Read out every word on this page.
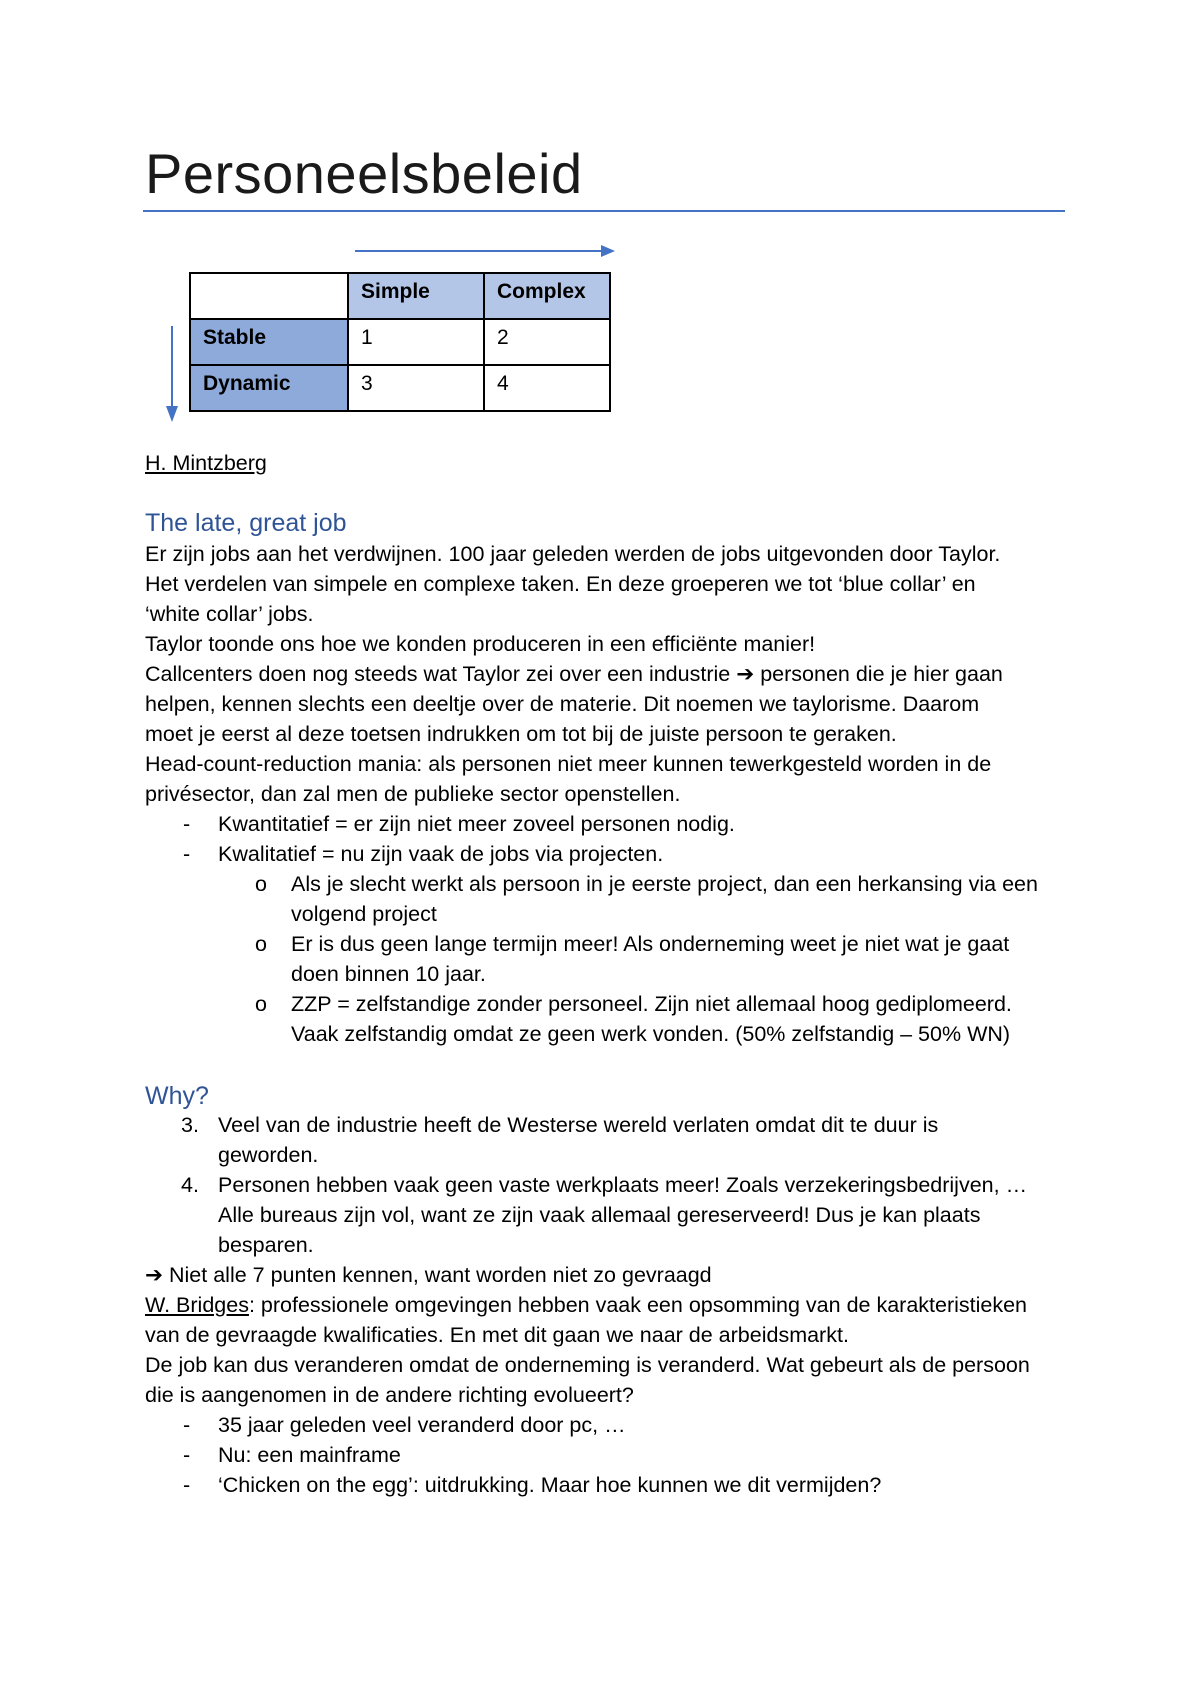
Personeelsbeleid
	Simple	Complex
Stable	1	2
Dynamic	3	4
H. Mintzberg
The late, great job

Er zijn jobs aan het verdwijnen. 100 jaar geleden werden de jobs uitgevonden door Taylor.
Het verdelen van simpele en complexe taken. En deze groeperen we tot ‘blue collar’ en
‘white collar’ jobs.
Taylor toonde ons hoe we konden produceren in een efficiënte manier!
Callcenters doen nog steeds wat Taylor zei over een industrie ➔ personen die je hier gaan
helpen, kennen slechts een deeltje over de materie. Dit noemen we taylorisme. Daarom
moet je eerst al deze toetsen indrukken om tot bij de juiste persoon te geraken.
Head-count-reduction mania: als personen niet meer kunnen tewerkgesteld worden in de
privésector, dan zal men de publieke sector openstellen.

- Kwantitatief = er zijn niet meer zoveel personen nodig.
- Kwalitatief = nu zijn vaak de jobs via projecten.
o Als je slecht werkt als persoon in je eerste project, dan een herkansing via een
volgend project
o Er is dus geen lange termijn meer! Als onderneming weet je niet wat je gaat
doen binnen 10 jaar.
o ZZP = zelfstandige zonder personeel. Zijn niet allemaal hoog gediplomeerd.
Vaak zelfstandig omdat ze geen werk vonden. (50% zelfstandig – 50% WN)
Why?
3. Veel van de industrie heeft de Westerse wereld verlaten omdat dit te duur is
geworden.
4. Personen hebben vaak geen vaste werkplaats meer! Zoals verzekeringsbedrijven, …
Alle bureaus zijn vol, want ze zijn vaak allemaal gereserveerd! Dus je kan plaats
besparen.

➔ Niet alle 7 punten kennen, want worden niet zo gevraagd
W. Bridges: professionele omgevingen hebben vaak een opsomming van de karakteristieken
van de gevraagde kwalificaties. En met dit gaan we naar de arbeidsmarkt.
De job kan dus veranderen omdat de onderneming is veranderd. Wat gebeurt als de persoon
die is aangenomen in de andere richting evolueert?

- 35 jaar geleden veel veranderd door pc, …
- Nu: een mainframe
- ‘Chicken on the egg’: uitdrukking. Maar hoe kunnen we dit vermijden?
